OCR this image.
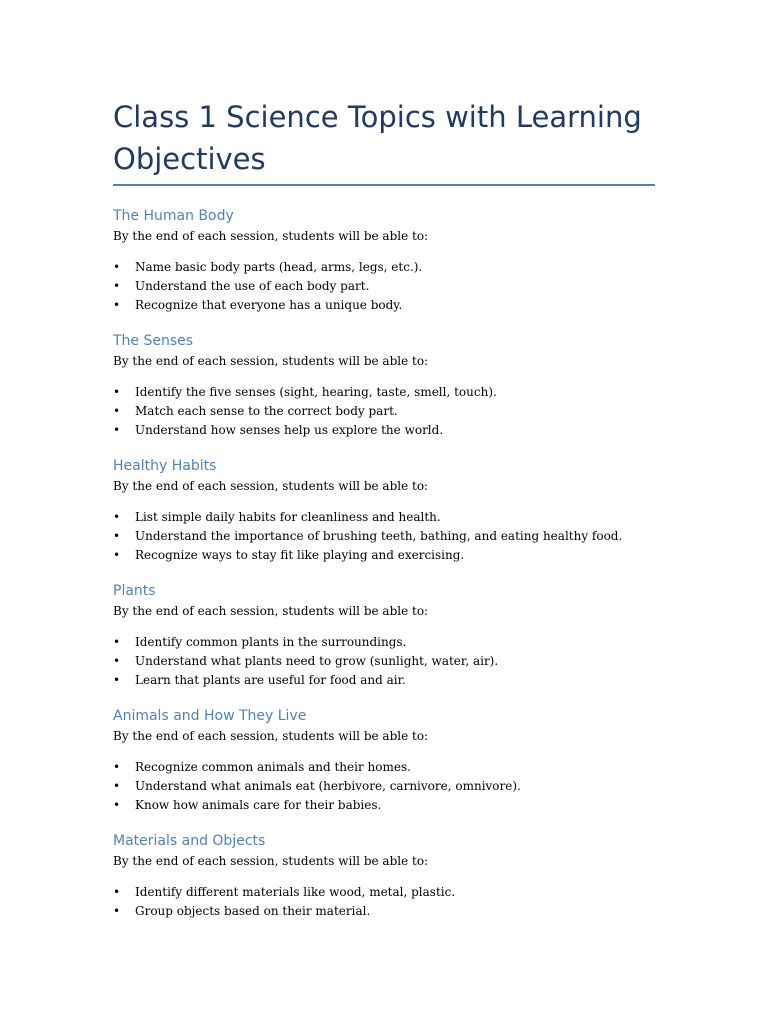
Class 1 Science Topics with Learning Objectives
The Human Body

By the end of each session, students will be able to:

• Name basic body parts (head, arms, legs, etc.).
• Understand the use of each body part.
• Recognize that everyone has a unique body.
The Senses

By the end of each session, students will be able to:

• Identify the five senses (sight, hearing, taste, smell, touch).
• Match each sense to the correct body part.
• Understand how senses help us explore the world.
Healthy Habits

By the end of each session, students will be able to:

• List simple daily habits for cleanliness and health.
• Understand the importance of brushing teeth, bathing, and eating healthy food.
• Recognize ways to stay fit like playing and exercising.
Plants

By the end of each session, students will be able to:

• Identify common plants in the surroundings.
• Understand what plants need to grow (sunlight, water, air).
• Learn that plants are useful for food and air.
Animals and How They Live

By the end of each session, students will be able to:

• Recognize common animals and their homes.
• Understand what animals eat (herbivore, carnivore, omnivore).
• Know how animals care for their babies.
Materials and Objects

By the end of each session, students will be able to:

• Identify different materials like wood, metal, plastic.
• Group objects based on their material.
